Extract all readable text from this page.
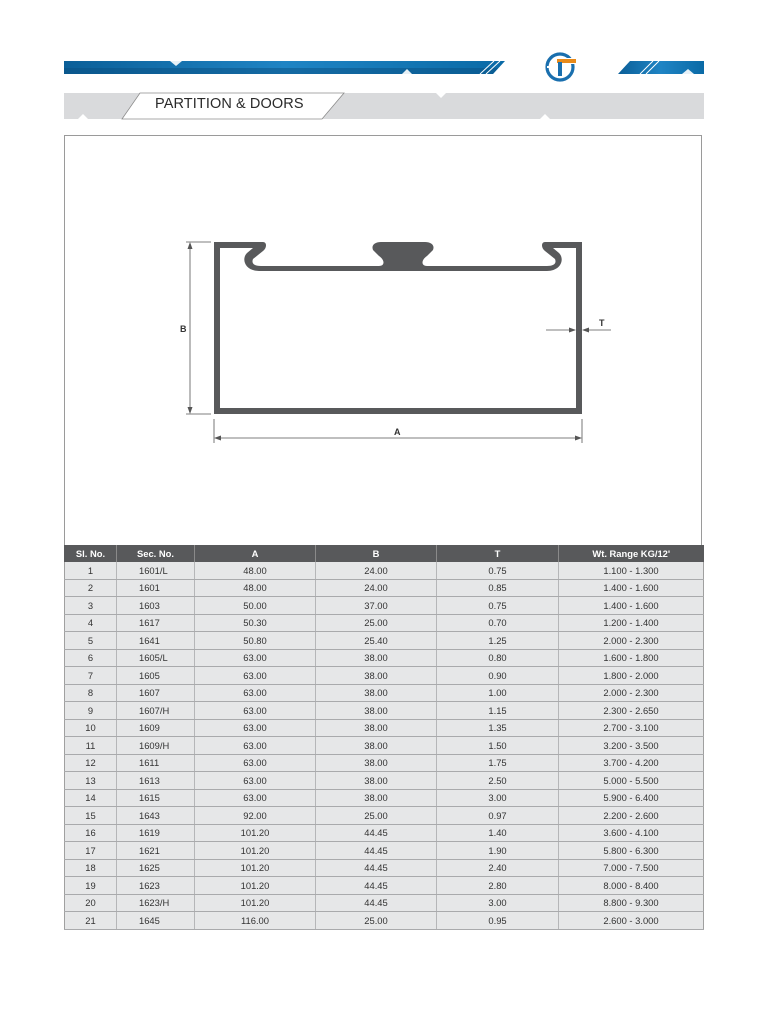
PARTITION & DOORS
B
A
T
Sl. No.	Sec. No.	A	B	T	Wt. Range KG/12'
1	1601/L	48.00	24.00	0.75	1.100 - 1.300
2	1601	48.00	24.00	0.85	1.400 - 1.600
3	1603	50.00	37.00	0.75	1.400 - 1.600
4	1617	50.30	25.00	0.70	1.200 - 1.400
5	1641	50.80	25.40	1.25	2.000 - 2.300
6	1605/L	63.00	38.00	0.80	1.600 - 1.800
7	1605	63.00	38.00	0.90	1.800 - 2.000
8	1607	63.00	38.00	1.00	2.000 - 2.300
9	1607/H	63.00	38.00	1.15	2.300 - 2.650
10	1609	63.00	38.00	1.35	2.700 - 3.100
11	1609/H	63.00	38.00	1.50	3.200 - 3.500
12	1611	63.00	38.00	1.75	3.700 - 4.200
13	1613	63.00	38.00	2.50	5.000 - 5.500
14	1615	63.00	38.00	3.00	5.900 - 6.400
15	1643	92.00	25.00	0.97	2.200 - 2.600
16	1619	101.20	44.45	1.40	3.600 - 4.100
17	1621	101.20	44.45	1.90	5.800 - 6.300
18	1625	101.20	44.45	2.40	7.000 - 7.500
19	1623	101.20	44.45	2.80	8.000 - 8.400
20	1623/H	101.20	44.45	3.00	8.800 - 9.300
21	1645	116.00	25.00	0.95	2.600 - 3.000
